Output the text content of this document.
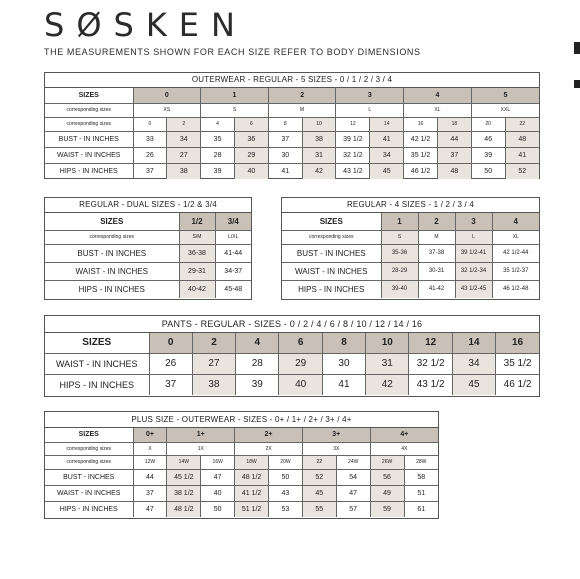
SØSKEN
THE MEASUREMENTS SHOWN FOR EACH SIZE REFER TO BODY DIMENSIONS
OUTERWEAR - REGULAR - 5 SIZES - 0 / 1 / 2 / 3 / 4
SIZES	0		1		2		3		4		5	
corresponding sizes	XS		S		M		L		XL		XXL	
corresponding sizes	0	2	4	6	8	10	12	14	16	18	20	22
BUST - IN INCHES	33	34	35	36	37	38	39 1/2	41	42 1/2	44	46	48
WAIST - IN INCHES	26	27	28	29	30	31	32 1/2	34	35 1/2	37	39	41
HIPS - IN INCHES	37	38	39	40	41	42	43 1/2	45	46 1/2	48	50	52
REGULAR - DUAL SIZES - 1/2 & 3/4
SIZES	1/2	3/4
corresponding sizes	S/M	L/XL
BUST - IN INCHES	36-38	41-44
WAIST - IN INCHES	29-31	34-37
HIPS - IN INCHES	40-42	45-48
REGULAR - 4 SIZES - 1 / 2 / 3 / 4
SIZES	1	2	3	4
corresponding sizes	S	M	L	XL
BUST - IN INCHES	35-36	37-38	39 1/2-41	42 1/2-44
WAIST - IN INCHES	28-29	30-31	32 1/2-34	35 1/2-37
HIPS - IN INCHES	39-40	41-42	43 1/2-45	46 1/2-48
PANTS - REGULAR - SIZES - 0 / 2 / 4 / 6 / 8 / 10 / 12 / 14 / 16
SIZES	0	2	4	6	8	10	12	14	16
WAIST - IN INCHES	26	27	28	29	30	31	32 1/2	34	35 1/2
HIPS - IN INCHES	37	38	39	40	41	42	43 1/2	45	46 1/2
PLUS SIZE - OUTERWEAR - SIZES - 0+ / 1+ / 2+ / 3+ / 4+
SIZES	0+	1+		2+		3+		4+	
corresponding sizes	X	1X		2X		3X		4X	
corresponding sizes	12W	14W	16W	18W	20W	22	24W	26W	28W
BUST - INCHES	44	45 1/2	47	48 1/2	50	52	54	56	58
WAIST - IN INCHES	37	38 1/2	40	41 1/2	43	45	47	49	51
HIPS - IN INCHES	47	48 1/2	50	51 1/2	53	55	57	59	61
